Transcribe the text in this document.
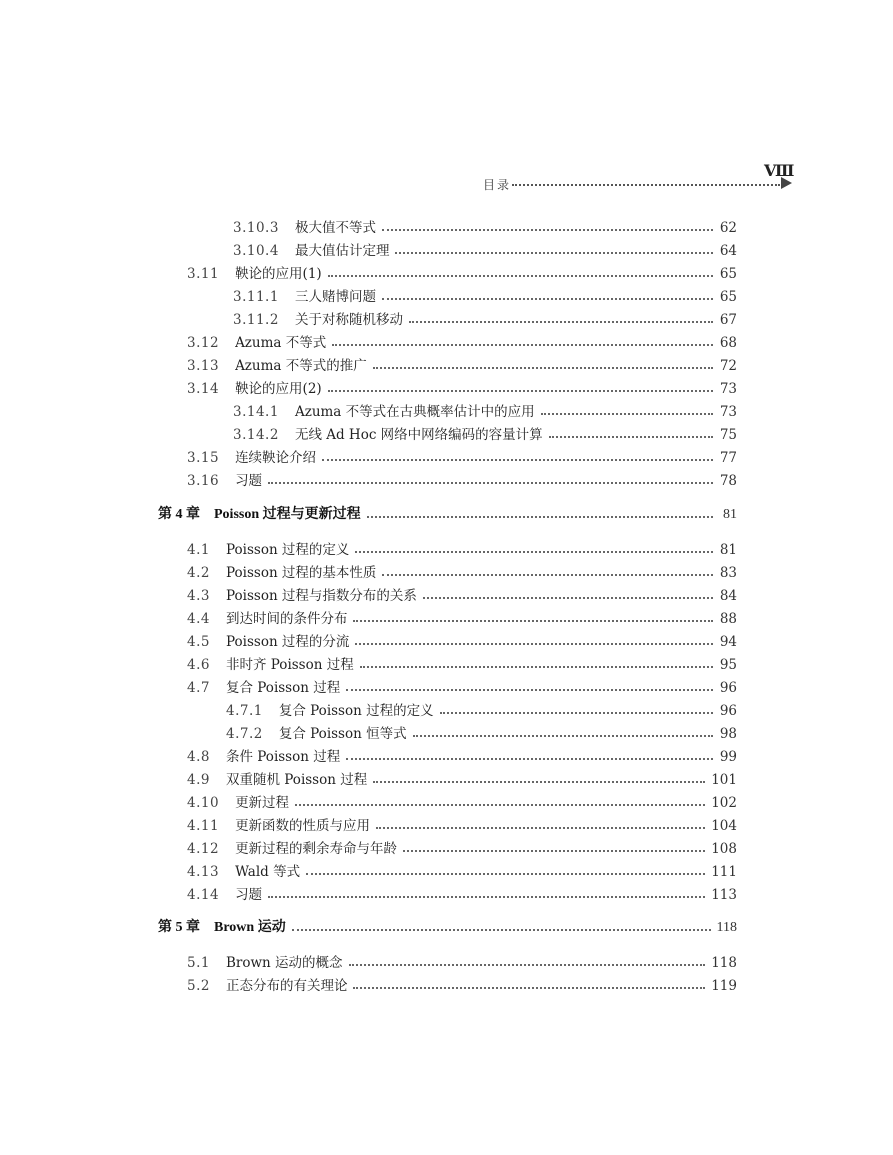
目录
Ⅷ
3.10.3 极大值不等式	62
3.10.4 最大值估计定理	64
3.11 鞅论的应用(1)	65
3.11.1 三人赌博问题	65
3.11.2 关于对称随机移动	67
3.12 Azuma 不等式	68
3.13 Azuma 不等式的推广	72
3.14 鞅论的应用(2)	73
3.14.1 Azuma 不等式在古典概率估计中的应用	73
3.14.2 无线 Ad Hoc 网络中网络编码的容量计算	75
3.15 连续鞅论介绍	77
3.16 习题	78
第 4 章 Poisson 过程与更新过程	81
4.1 Poisson 过程的定义	81
4.2 Poisson 过程的基本性质	83
4.3 Poisson 过程与指数分布的关系	84
4.4 到达时间的条件分布	88
4.5 Poisson 过程的分流	94
4.6 非时齐 Poisson 过程	95
4.7 复合 Poisson 过程	96
4.7.1 复合 Poisson 过程的定义	96
4.7.2 复合 Poisson 恒等式	98
4.8 条件 Poisson 过程	99
4.9 双重随机 Poisson 过程	101
4.10 更新过程	102
4.11 更新函数的性质与应用	104
4.12 更新过程的剩余寿命与年龄	108
4.13 Wald 等式	111
4.14 习题	113
第 5 章 Brown 运动	118
5.1 Brown 运动的概念	118
5.2 正态分布的有关理论	119
